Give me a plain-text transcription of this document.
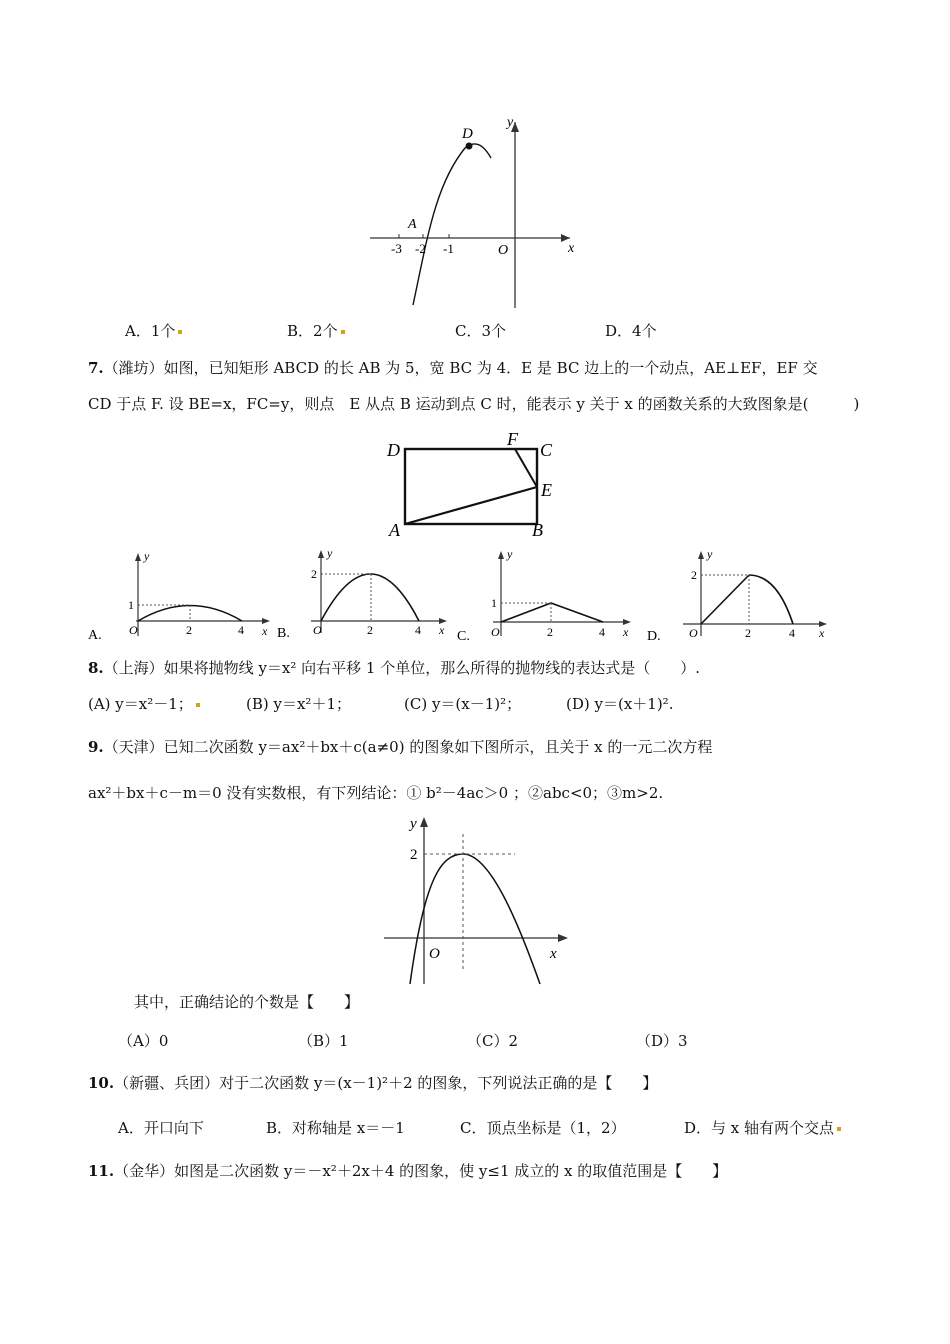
y
x
D
A
-3 -2 -1	O
A．1个	B．2个	C．3个	D．4个
7.（潍坊）如图，已知矩形 ABCD 的长 AB 为 5，宽 BC 为 4．E 是 BC 边上的一个动点，AE⊥EF，EF 交
CD 于点 F. 设 BE=x，FC=y，则点　E 从点 B 运动到点 C 时，能表示 y 关于 x 的函数关系的大致图象是(　　　)
D
F
C
E
A	B
A.
y
1
O	2	4 x B.
y
2
O	2	4 x C.
y
1
O	2	4 x D.
y
2
O	2	4 x
8.（上海）如果将抛物线 y＝x² 向右平移 1 个单位，那么所得的抛物线的表达式是（　　）.
(A) y＝x²－1；	(B) y＝x²＋1；	(C) y＝(x－1)²；	(D) y＝(x＋1)².
9.（天津）已知二次函数 y＝ax²＋bx＋c(a≠0) 的图象如下图所示，且关于 x 的一元二次方程
ax²＋bx＋c－m＝0 没有实数根，有下列结论：① b²－4ac＞0 ；②abc<0；③m>2.
y
2
O	x
其中，正确结论的个数是【　　】
（A）0	（B）1	（C）2	（D）3
10.（新疆、兵团）对于二次函数 y＝(x－1)²＋2 的图象，下列说法正确的是【　　】
A．开口向下	B．对称轴是 x＝－1	C．顶点坐标是（1，2）	D．与 x 轴有两个交点
11.（金华）如图是二次函数 y＝－x²＋2x＋4 的图象，使 y≤1 成立的 x 的取值范围是【　　】
